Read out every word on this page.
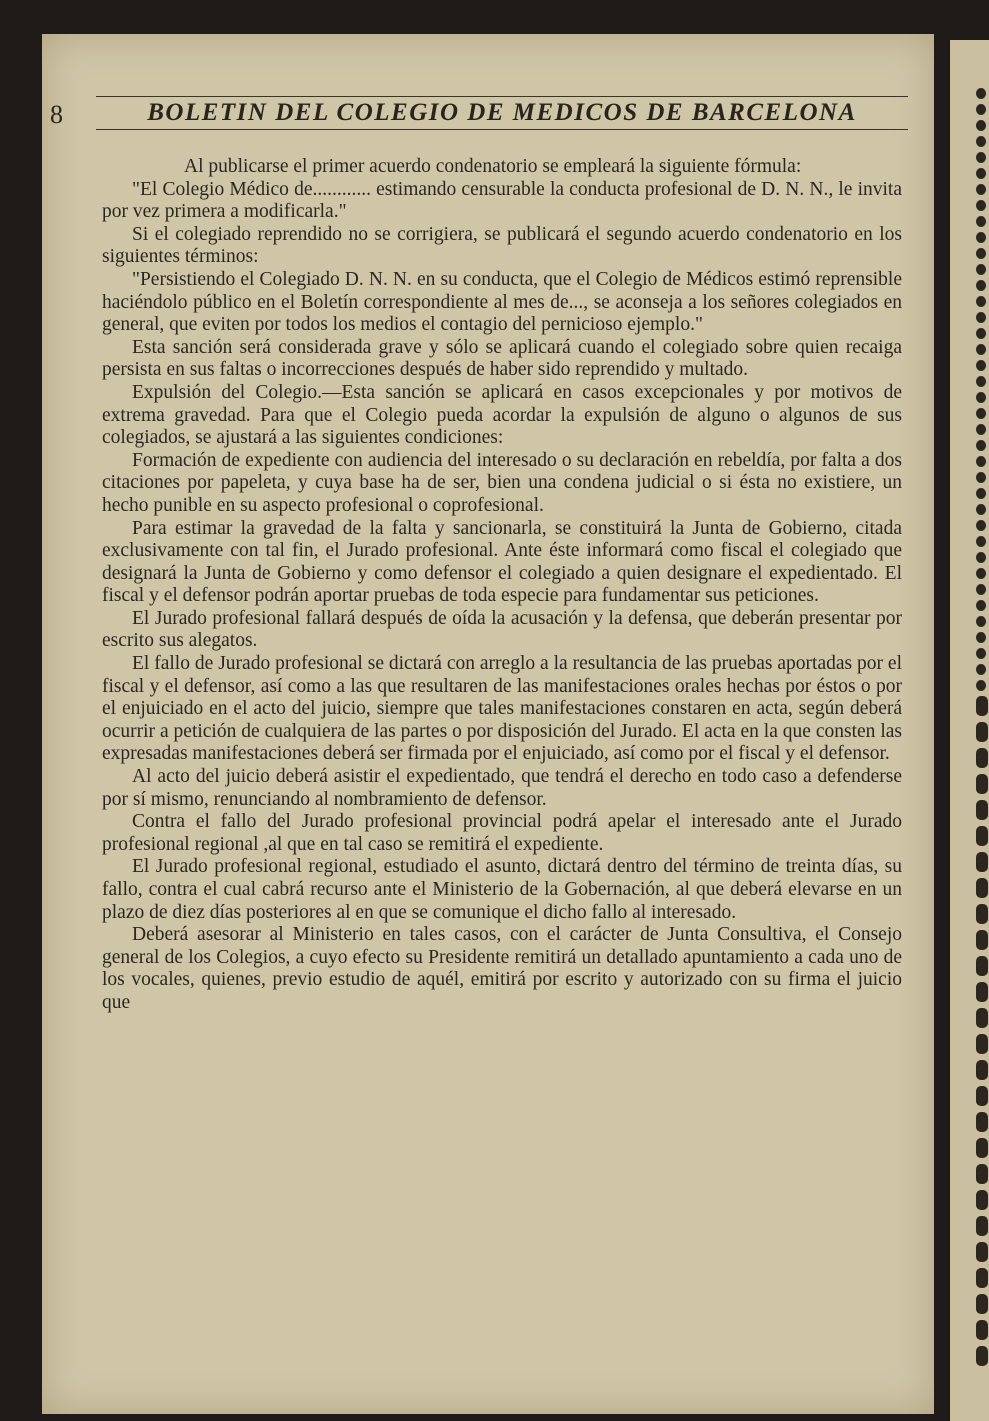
8	BOLETIN DEL COLEGIO DE MEDICOS DE BARCELONA

Al publicarse el primer acuerdo condenatorio se empleará la siguiente fórmula:

"El Colegio Médico de............ estimando censurable la conducta profesional de D. N. N., le invita por vez primera a modificarla."

Si el colegiado reprendido no se corrigiera, se publicará el segundo acuerdo condenatorio en los siguientes términos:

"Persistiendo el Colegiado D. N. N. en su conducta, que el Colegio de Médicos estimó reprensible haciéndolo público en el Boletín correspondiente al mes de..., se aconseja a los señores colegiados en general, que eviten por todos los medios el contagio del pernicioso ejemplo."

Esta sanción será considerada grave y sólo se aplicará cuando el colegiado sobre quien recaiga persista en sus faltas o incorrecciones después de haber sido reprendido y multado.

Expulsión del Colegio.—Esta sanción se aplicará en casos excepcionales y por motivos de extrema gravedad. Para que el Colegio pueda acordar la expulsión de alguno o algunos de sus colegiados, se ajustará a las siguientes condiciones:

Formación de expediente con audiencia del interesado o su declaración en rebeldía, por falta a dos citaciones por papeleta, y cuya base ha de ser, bien una condena judicial o si ésta no existiere, un hecho punible en su aspecto profesional o coprofesional.

Para estimar la gravedad de la falta y sancionarla, se constituirá la Junta de Gobierno, citada exclusivamente con tal fin, el Jurado profesional. Ante éste informará como fiscal el colegiado que designará la Junta de Gobierno y como defensor el colegiado a quien designare el expedientado. El fiscal y el defensor podrán aportar pruebas de toda especie para fundamentar sus peticiones.

El Jurado profesional fallará después de oída la acusación y la defensa, que deberán presentar por escrito sus alegatos.

El fallo de Jurado profesional se dictará con arreglo a la resultancia de las pruebas aportadas por el fiscal y el defensor, así como a las que resultaren de las manifestaciones orales hechas por éstos o por el enjuiciado en el acto del juicio, siempre que tales manifestaciones constaren en acta, según deberá ocurrir a petición de cualquiera de las partes o por disposición del Jurado. El acta en la que consten las expresadas manifestaciones deberá ser firmada por el enjuiciado, así como por el fiscal y el defensor.

Al acto del juicio deberá asistir el expedientado, que tendrá el derecho en todo caso a defenderse por sí mismo, renunciando al nombramiento de defensor.

Contra el fallo del Jurado profesional provincial podrá apelar el interesado ante el Jurado profesional regional ,al que en tal caso se remitirá el expediente.

El Jurado profesional regional, estudiado el asunto, dictará dentro del término de treinta días, su fallo, contra el cual cabrá recurso ante el Ministerio de la Gobernación, al que deberá elevarse en un plazo de diez días posteriores al en que se comunique el dicho fallo al interesado.

Deberá asesorar al Ministerio en tales casos, con el carácter de Junta Consultiva, el Consejo general de los Colegios, a cuyo efecto su Presidente remitirá un detallado apuntamiento a cada uno de los vocales, quienes, previo estudio de aquél, emitirá por escrito y autorizado con su firma el juicio que
